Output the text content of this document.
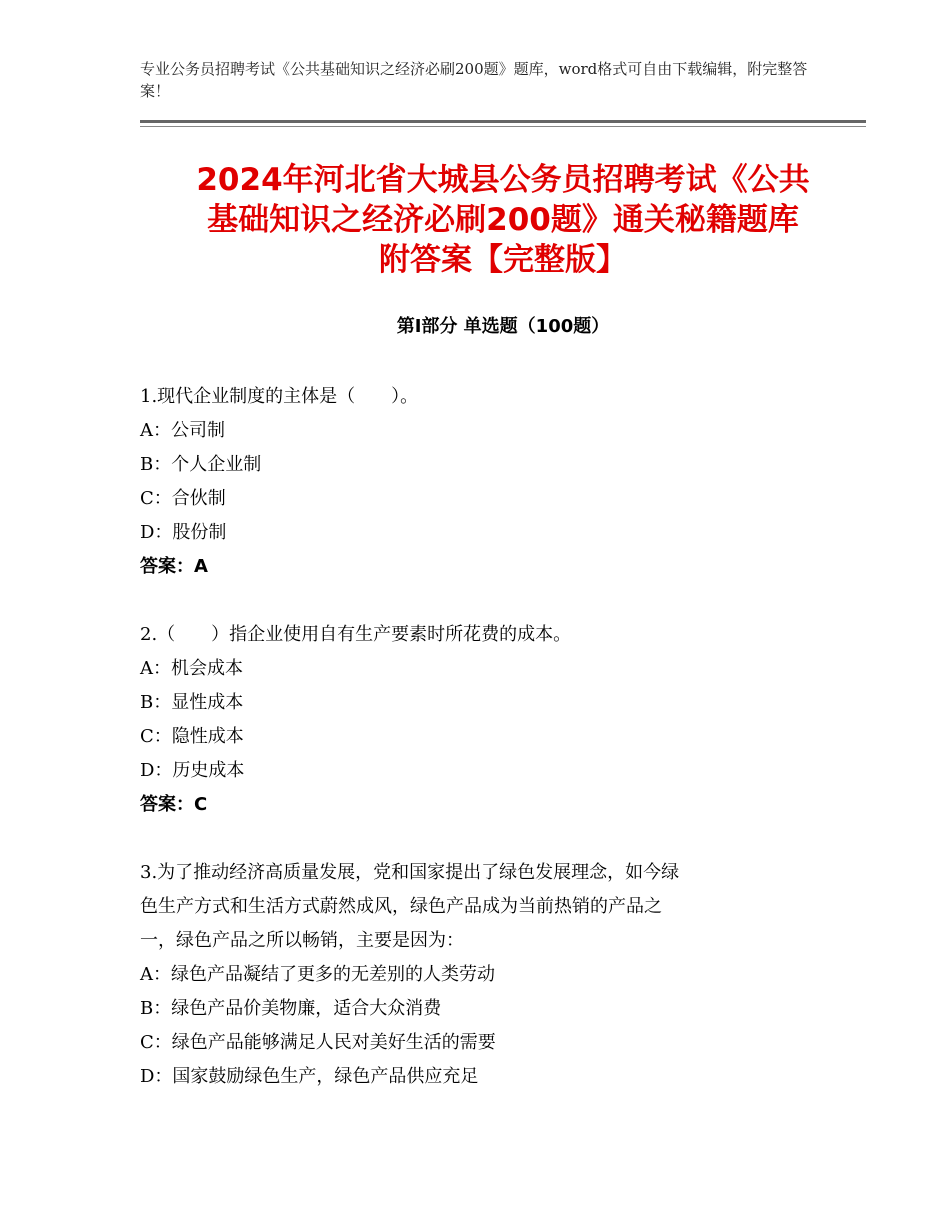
专业公务员招聘考试《公共基础知识之经济必刷200题》题库，word格式可自由下载编辑，附完整答案！
2024年河北省大城县公务员招聘考试《公共
基础知识之经济必刷200题》通关秘籍题库
附答案【完整版】
第Ⅰ部分 单选题（100题）
1.现代企业制度的主体是（　　）。
A：公司制
B：个人企业制
C：合伙制
D：股份制
答案：A
2.（　　）指企业使用自有生产要素时所花费的成本。
A：机会成本
B：显性成本
C：隐性成本
D：历史成本
答案：C
3.为了推动经济高质量发展，党和国家提出了绿色发展理念，如今绿
色生产方式和生活方式蔚然成风，绿色产品成为当前热销的产品之
一，绿色产品之所以畅销，主要是因为：
A：绿色产品凝结了更多的无差别的人类劳动
B：绿色产品价美物廉，适合大众消费
C：绿色产品能够满足人民对美好生活的需要
D：国家鼓励绿色生产，绿色产品供应充足
